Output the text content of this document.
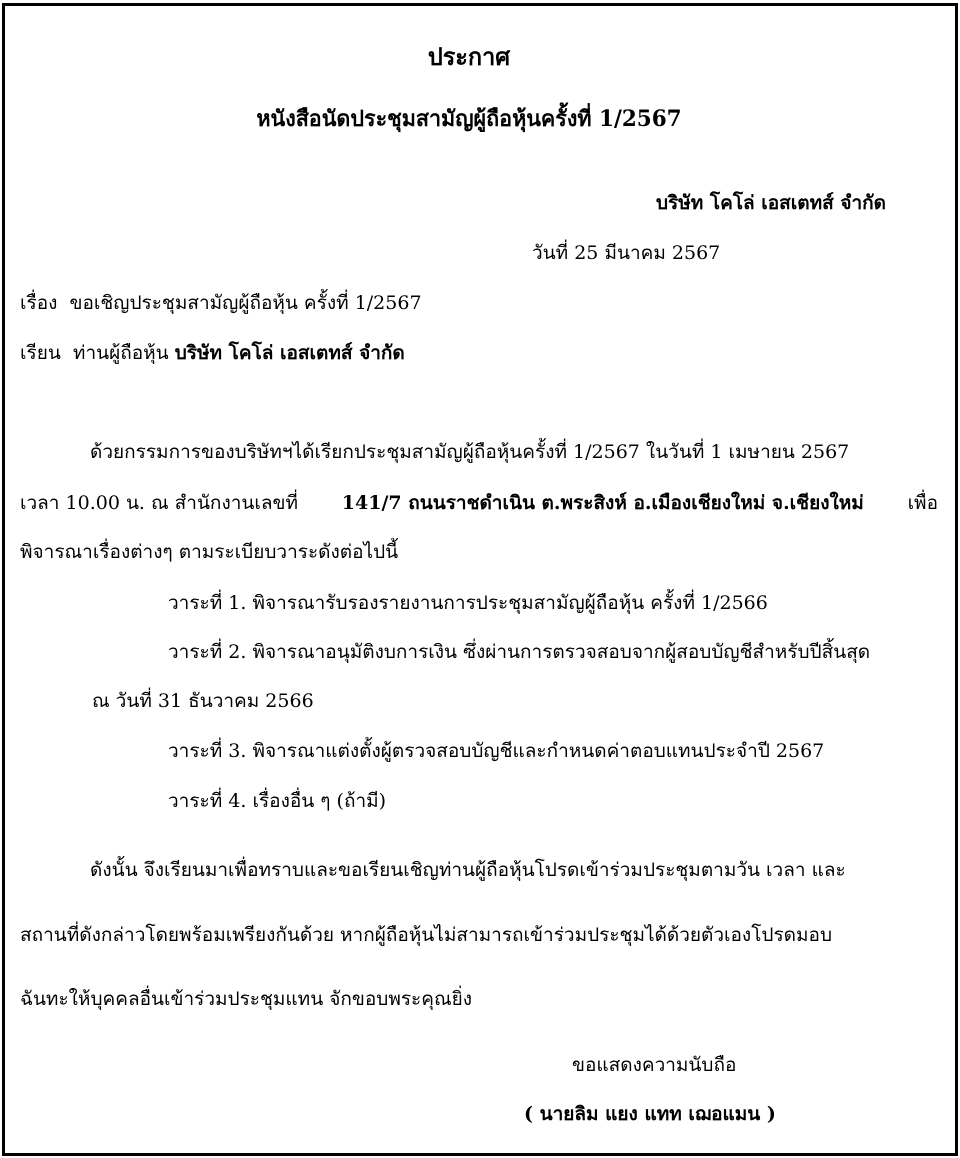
ประกาศ
หนังสือนัดประชุมสามัญผู้ถือหุ้นครั้งที่ 1/2567
บริษัท โคโล่ เอสเตทส์ จำกัด
วันที่ 25 มีนาคม 2567
เรื่อง ขอเชิญประชุมสามัญผู้ถือหุ้น ครั้งที่ 1/2567
เรียน ท่านผู้ถือหุ้น บริษัท โคโล่ เอสเตทส์ จำกัด
ด้วยกรรมการของบริษัทฯได้เรียกประชุมสามัญผู้ถือหุ้นครั้งที่ 1/2567 ในวันที่ 1 เมษายน 2567
เวลา 10.00 น. ณ สำนักงานเลขที่ 141/7 ถนนราชดำเนิน ต.พระสิงห์ อ.เมืองเชียงใหม่ จ.เชียงใหม่ เพื่อ
พิจารณาเรื่องต่างๆ ตามระเบียบวาระดังต่อไปนี้
วาระที่ 1. พิจารณารับรองรายงานการประชุมสามัญผู้ถือหุ้น ครั้งที่ 1/2566
วาระที่ 2. พิจารณาอนุมัติงบการเงิน ซึ่งผ่านการตรวจสอบจากผู้สอบบัญชีสำหรับปีสิ้นสุด
ณ วันที่ 31 ธันวาคม 2566
วาระที่ 3. พิจารณาแต่งตั้งผู้ตรวจสอบบัญชีและกำหนดค่าตอบแทนประจำปี 2567
วาระที่ 4. เรื่องอื่น ๆ (ถ้ามี)
ดังนั้น จึงเรียนมาเพื่อทราบและขอเรียนเชิญท่านผู้ถือหุ้นโปรดเข้าร่วมประชุมตามวัน เวลา และ
สถานที่ดังกล่าวโดยพร้อมเพรียงกันด้วย หากผู้ถือหุ้นไม่สามารถเข้าร่วมประชุมได้ด้วยตัวเองโปรดมอบ
ฉันทะให้บุคคลอื่นเข้าร่วมประชุมแทน จักขอบพระคุณยิ่ง
ขอแสดงความนับถือ
( นายลิม แยง แทท เฌอแมน )
